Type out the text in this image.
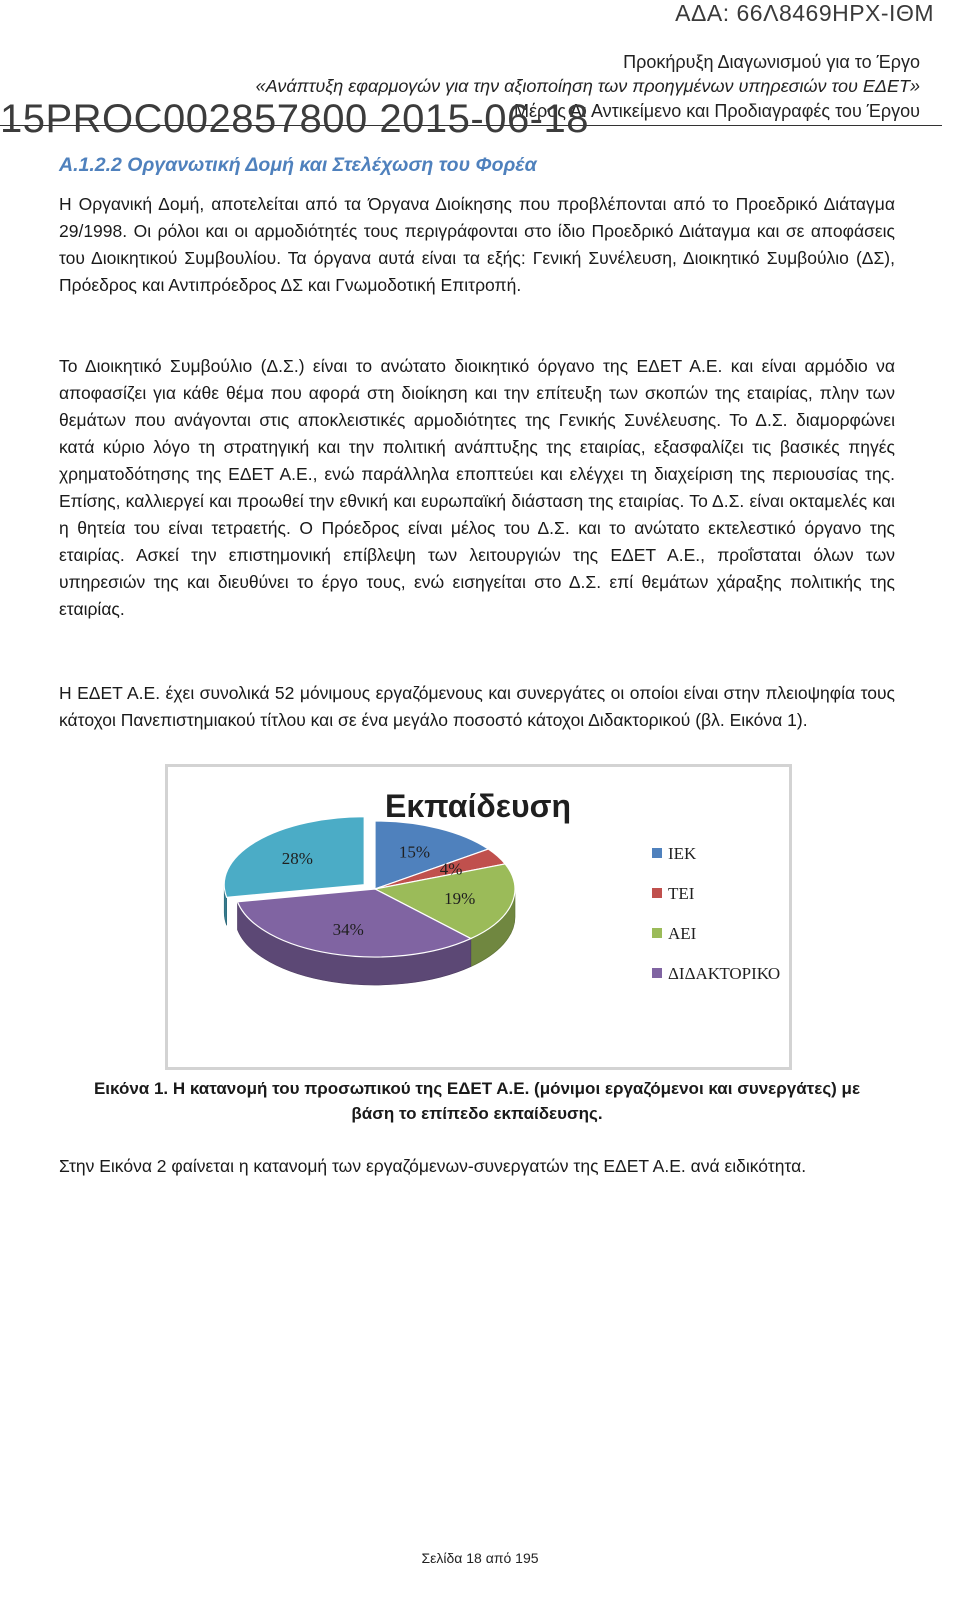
ΑΔΑ: 66Λ8469ΗΡΧ-ΙΘΜ
Προκήρυξη Διαγωνισμού για το Έργο
«Ανάπτυξη εφαρμογών για την αξιοποίηση των προηγμένων υπηρεσιών του ΕΔΕΤ»
Μέρος Α: Αντικείμενο και Προδιαγραφές του Έργου
15PROC002857800 2015-06-18
Α.1.2.2 Οργανωτική Δομή και Στελέχωση του Φορέα
Η Οργανική Δομή, αποτελείται από τα Όργανα Διοίκησης που προβλέπονται από το Προεδρικό Διάταγμα 29/1998. Οι ρόλοι και οι αρμοδιότητές τους περιγράφονται στο ίδιο Προεδρικό Διάταγμα και σε αποφάσεις του Διοικητικού Συμβουλίου. Τα όργανα αυτά είναι τα εξής: Γενική Συνέλευση, Διοικητικό Συμβούλιο (ΔΣ), Πρόεδρος και Αντιπρόεδρος ΔΣ και Γνωμοδοτική Επιτροπή.
Το Διοικητικό Συμβούλιο (Δ.Σ.) είναι το ανώτατο διοικητικό όργανο της ΕΔΕΤ Α.Ε. και είναι αρμόδιο να αποφασίζει για κάθε θέμα που αφορά στη διοίκηση και την επίτευξη των σκοπών της εταιρίας, πλην των θεμάτων που ανάγονται στις αποκλειστικές αρμοδιότητες της Γενικής Συνέλευσης. Το Δ.Σ. διαμορφώνει κατά κύριο λόγο τη στρατηγική και την πολιτική ανάπτυξης της εταιρίας, εξασφαλίζει τις βασικές πηγές χρηματοδότησης της ΕΔΕΤ Α.Ε., ενώ παράλληλα εποπτεύει και ελέγχει τη διαχείριση της περιουσίας της. Επίσης, καλλιεργεί και προωθεί την εθνική και ευρωπαϊκή διάσταση της εταιρίας. Το Δ.Σ. είναι οκταμελές και η θητεία του είναι τετραετής. Ο Πρόεδρος είναι μέλος του Δ.Σ. και το ανώτατο εκτελεστικό όργανο της εταιρίας. Ασκεί την επιστημονική επίβλεψη των λειτουργιών της ΕΔΕΤ Α.Ε., προΐσταται όλων των υπηρεσιών της και διευθύνει το έργο τους, ενώ εισηγείται στο Δ.Σ. επί θεμάτων χάραξης πολιτικής της εταιρίας.
Η ΕΔΕΤ Α.Ε. έχει συνολικά 52 μόνιμους εργαζόμενους και συνεργάτες οι οποίοι είναι στην πλειοψηφία τους κάτοχοι Πανεπιστημιακού τίτλου και σε ένα μεγάλο ποσοστό κάτοχοι Διδακτορικού (βλ. Εικόνα 1).
Εκπαίδευση
15%
4%
19%
34%
28%	ΙΕΚ
ΤΕΙ
ΑΕΙ
ΔΙΔΑΚΤΟΡΙΚΟ
Εικόνα 1. Η κατανομή του προσωπικού της ΕΔΕΤ Α.Ε. (μόνιμοι εργαζόμενοι και συνεργάτες) με
βάση το επίπεδο εκπαίδευσης.
Στην Εικόνα 2 φαίνεται η κατανομή των εργαζόμενων-συνεργατών της ΕΔΕΤ Α.Ε. ανά ειδικότητα.
Σελίδα 18 από 195
